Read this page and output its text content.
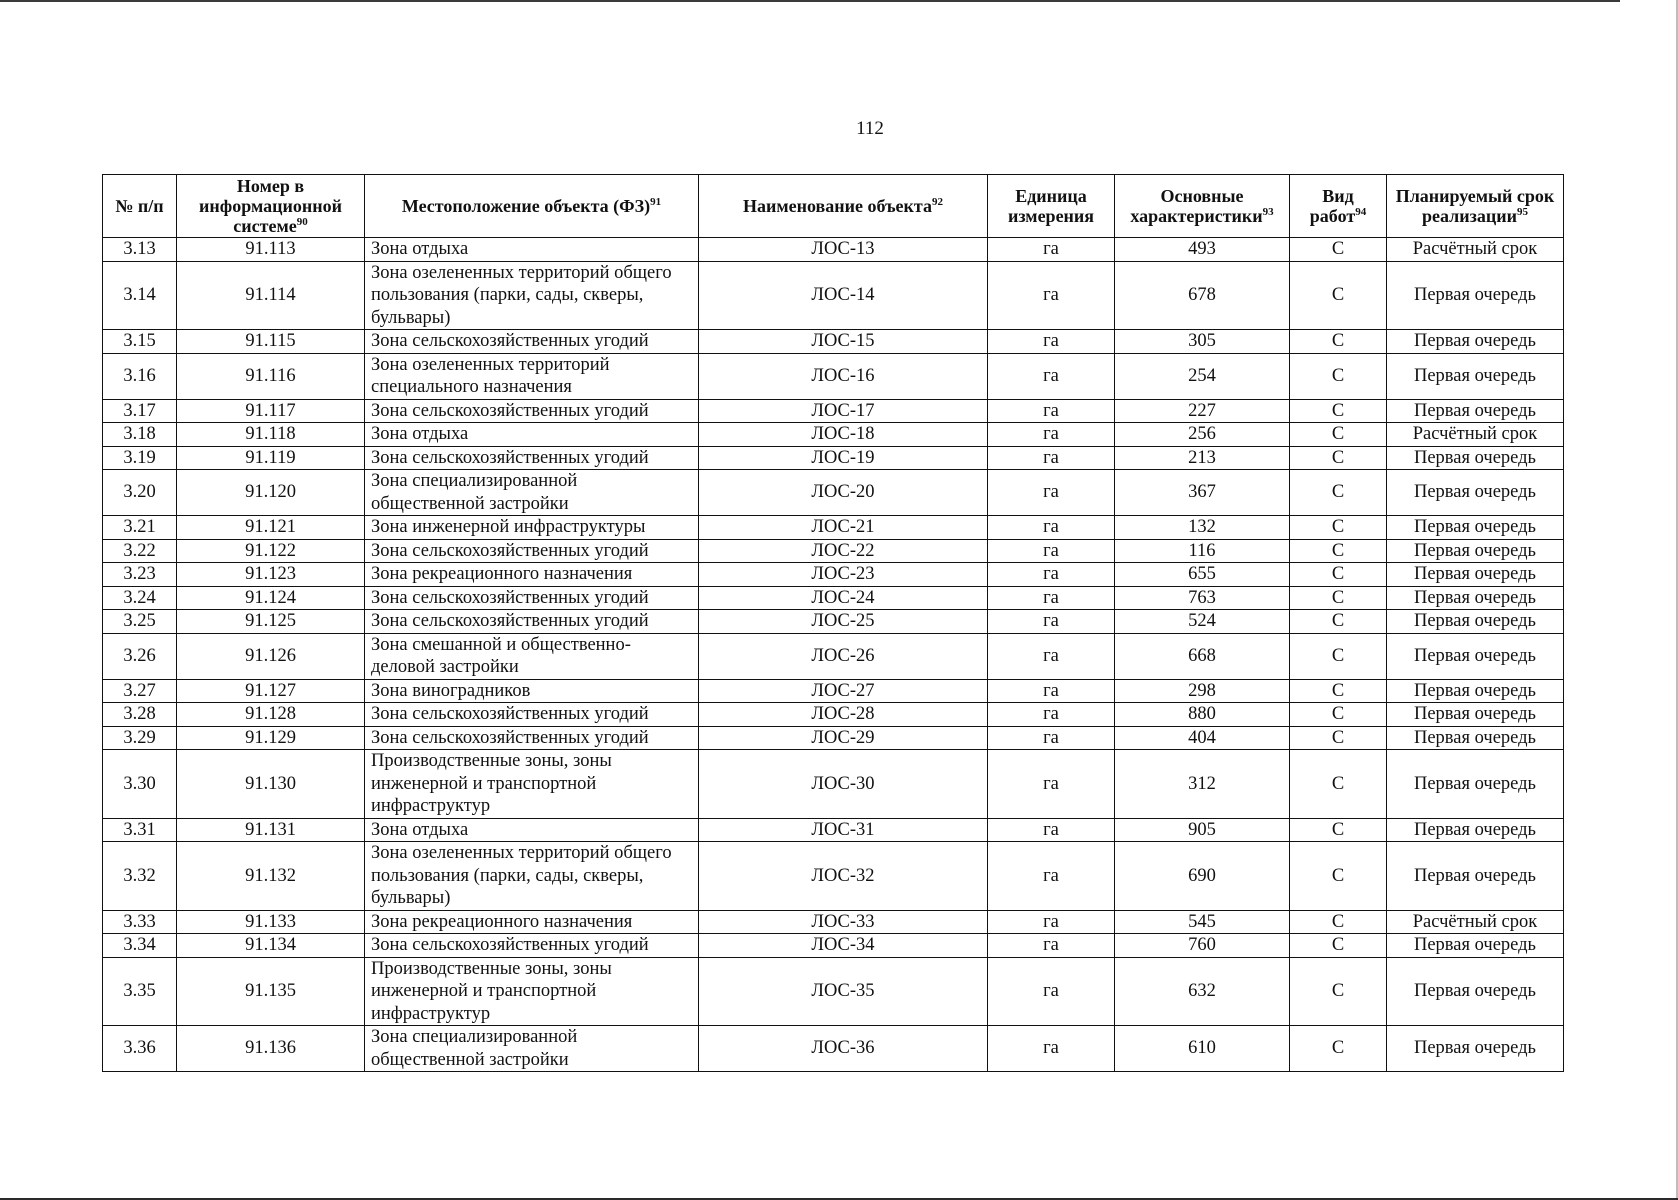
112
№ п/п	Номер в информационной системе$^{90}$	Местоположение объекта (ФЗ)$^{91}$	Наименование объекта$^{92}$	Единица измерения	Основные характеристики$^{93}$	Вид работ$^{94}$	Планируемый срок реализации$^{95}$
3.13	91.113	Зона отдыха	ЛОС-13	га	493	С	Расчётный срок
3.14	91.114	Зона озелененных территорий общего пользования (парки, сады, скверы, бульвары)	ЛОС-14	га	678	С	Первая очередь
3.15	91.115	Зона сельскохозяйственных угодий	ЛОС-15	га	305	С	Первая очередь
3.16	91.116	Зона озелененных территорий специального назначения	ЛОС-16	га	254	С	Первая очередь
3.17	91.117	Зона сельскохозяйственных угодий	ЛОС-17	га	227	С	Первая очередь
3.18	91.118	Зона отдыха	ЛОС-18	га	256	С	Расчётный срок
3.19	91.119	Зона сельскохозяйственных угодий	ЛОС-19	га	213	С	Первая очередь
3.20	91.120	Зона специализированной общественной застройки	ЛОС-20	га	367	С	Первая очередь
3.21	91.121	Зона инженерной инфраструктуры	ЛОС-21	га	132	С	Первая очередь
3.22	91.122	Зона сельскохозяйственных угодий	ЛОС-22	га	116	С	Первая очередь
3.23	91.123	Зона рекреационного назначения	ЛОС-23	га	655	С	Первая очередь
3.24	91.124	Зона сельскохозяйственных угодий	ЛОС-24	га	763	С	Первая очередь
3.25	91.125	Зона сельскохозяйственных угодий	ЛОС-25	га	524	С	Первая очередь
3.26	91.126	Зона смешанной и общественно-деловой застройки	ЛОС-26	га	668	С	Первая очередь
3.27	91.127	Зона виноградников	ЛОС-27	га	298	С	Первая очередь
3.28	91.128	Зона сельскохозяйственных угодий	ЛОС-28	га	880	С	Первая очередь
3.29	91.129	Зона сельскохозяйственных угодий	ЛОС-29	га	404	С	Первая очередь
3.30	91.130	Производственные зоны, зоны инженерной и транспортной инфраструктур	ЛОС-30	га	312	С	Первая очередь
3.31	91.131	Зона отдыха	ЛОС-31	га	905	С	Первая очередь
3.32	91.132	Зона озелененных территорий общего пользования (парки, сады, скверы, бульвары)	ЛОС-32	га	690	С	Первая очередь
3.33	91.133	Зона рекреационного назначения	ЛОС-33	га	545	С	Расчётный срок
3.34	91.134	Зона сельскохозяйственных угодий	ЛОС-34	га	760	С	Первая очередь
3.35	91.135	Производственные зоны, зоны инженерной и транспортной инфраструктур	ЛОС-35	га	632	С	Первая очередь
3.36	91.136	Зона специализированной общественной застройки	ЛОС-36	га	610	С	Первая очередь
